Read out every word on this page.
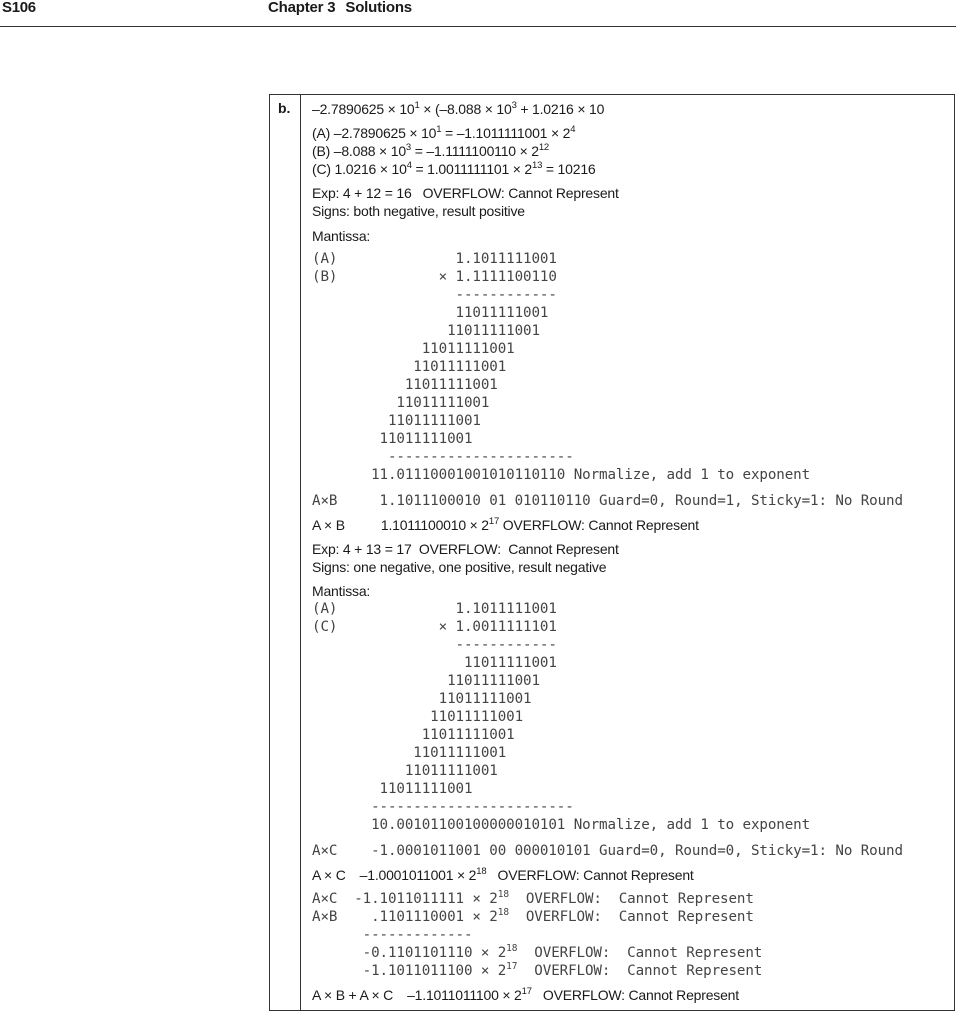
S106	Chapter 3 Solutions
b. $-2.7890625 \times 10^1 \times (-8.088 \times 10^3 + 1.0216 \times 10$
(A) $-2.7890625 \times 10^1 = -1.1011111001 \times 2^4$
(B) $-8.088 \times 10^3 = -1.1111100110 \times 2^{12}$
(C) $1.0216 \times 10^4 = 1.0011111101 \times 2^{13} = 10216$
Exp: 4 + 12 = 16   OVERFLOW: Cannot Represent
Signs: both negative, result positive
Mantissa:
(A)              1.1011111001
(B)            × 1.1111100110
------------
11011111001
11011111001
11011111001
11011111001
11011111001
11011111001
11011111001
11011111001
----------------------
11.01110001001010110110 Normalize, add 1 to exponent
A×B     1.1011100010 01 010110110 Guard=0, Round=1, Sticky=1: No Round
A × B	$1.1011100010 \times 2^{17}$ OVERFLOW: Cannot Represent
Exp: 4 + 13 = 17  OVERFLOW:  Cannot Represent
Signs: one negative, one positive, result negative
Mantissa:
(A)              1.1011111001
(C)            × 1.0011111101
------------
11011111001
11011111001
11011111001
11011111001
11011111001
11011111001
11011111001
11011111001
------------------------
10.00101100100000010101 Normalize, add 1 to exponent
A×C    -1.0001011001 00 000010101 Guard=0, Round=0, Sticky=1: No Round
A × C $-1.0001011001 \times 2^{18}$   OVERFLOW: Cannot Represent
A×C  $-1.1011011111 \times 2^{18}$  OVERFLOW:  Cannot Represent
A×B    $.1101110001 \times 2^{18}$  OVERFLOW:  Cannot Represent
-------------
$-0.1101101110 \times 2^{18}$  OVERFLOW:  Cannot Represent
$-1.1011011100 \times 2^{17}$  OVERFLOW:  Cannot Represent
A × B + A × C $-1.1011011100 \times 2^{17}$   OVERFLOW: Cannot Represent
